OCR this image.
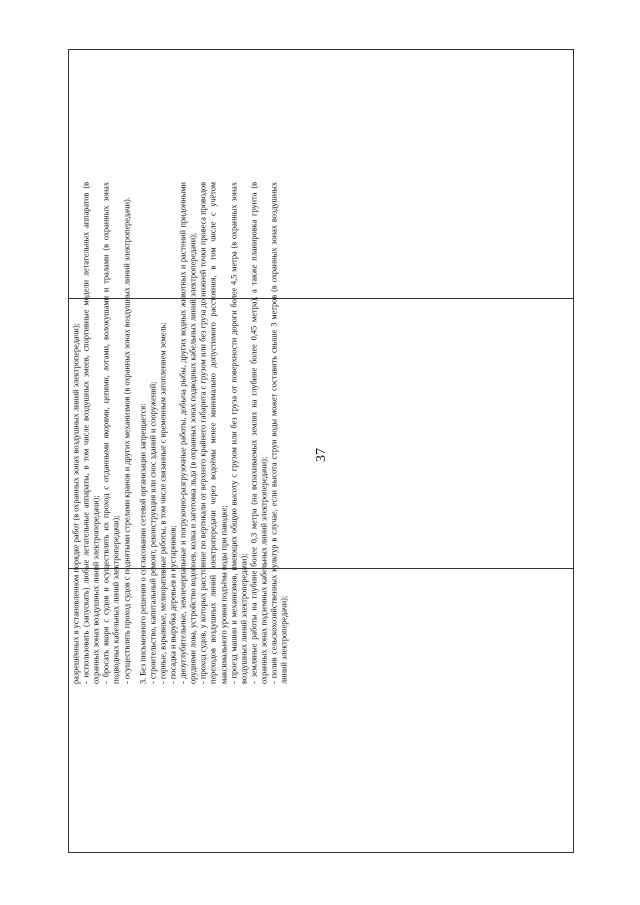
37

разрешённых в установленном порядке работ (в охранных зонах воздушных линий электропередачи); - использовать (запускать) любые летательные аппараты, в том числе воздушных змеев, спортивные модели летательных аппаратов (в охранных зонах воздушных линий электропередачи); - бросать якоря с судов и осуществлять их проход с отданными якорями, цепями, лотами, волокушами и тралами (в охранных зонах подводных кабельных линий электропередачи); - осуществлять проход судов с поднятыми стрелами кранов и других механизмов (в охранных зонах воздушных линий электропередачи). 3. Без письменного решения о согласовании сетевой организации запрещается: - строительство, капитальный ремонт, реконструкция или снос зданий и сооружений; - горные, взрывные, мелиоративные работы, в том числе связанные с временным затоплением земель; - посадка и вырубка деревьев и кустарников; - дноуглубительные, землечерпальные и погрузочно-разгрузочные работы, добыча рыбы, других водных животных и растений придонными орудиями лова, устройство водопоев, колка и заготовка льда (в охранных зонах подводных кабельных линий электропередачи); - проход судов, у которых расстояние по вертикали от верхнего крайнего габарита с грузом или без груза до нижней точки провеса проводов переходов воздушных линий электропередачи через водоёмы менее минимально допустимого расстояния, в том числе с учётом максимального уровня подъёма воды при паводке; - проезд машин и механизмов, имеющих общую высоту с грузом или без груза от поверхности дороги более 4,5 метра (в охранных зонах воздушных линий электропередачи); - земляные работы на глубине более 0,3 метра (на вспахиваемых землях на глубине более 0,45 метра), а также планировка грунта (в охранных зонах подземных кабельных линий электропередачи); - полив сельскохозяйственных культур в случае, если высота струи воды может составить свыше 3 метров (в охранных зонах воздушных линий электропередачи);
